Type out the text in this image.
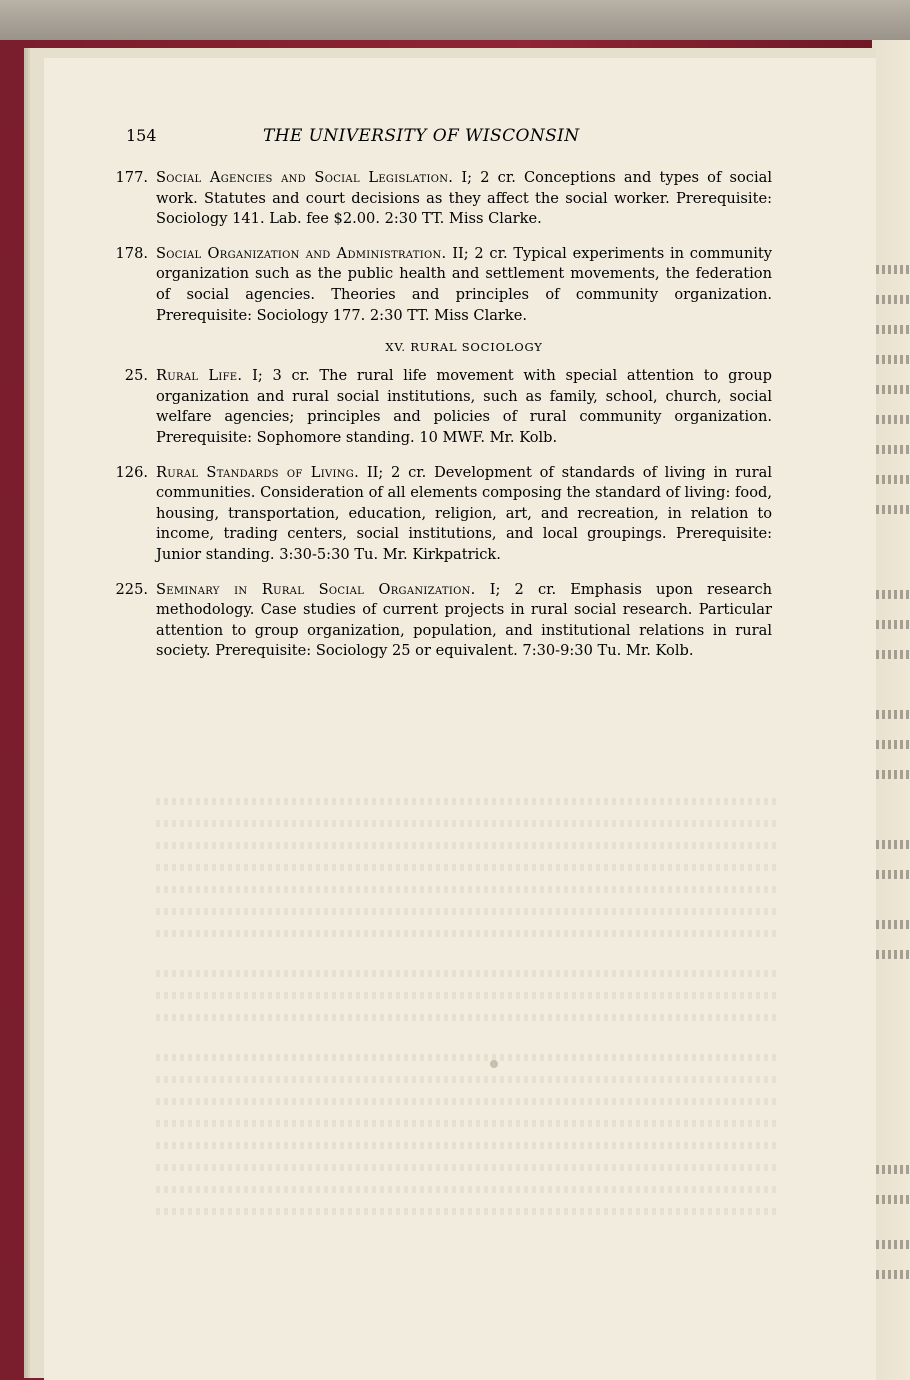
154	THE UNIVERSITY OF WISCONSIN
177. Social Agencies and Social Legislation. I; 2 cr. Conceptions and types of social work. Statutes and court decisions as they affect the social worker. Prerequisite: Sociology 141. Lab. fee $2.00. 2:30 TT. Miss Clarke.
178. Social Organization and Administration. II; 2 cr. Typical experiments in community organization such as the public health and settlement movements, the federation of social agencies. Theories and principles of community organization. Prerequisite: Sociology 177. 2:30 TT. Miss Clarke.
XV. RURAL SOCIOLOGY
25. Rural Life. I; 3 cr. The rural life movement with special attention to group organization and rural social institutions, such as family, school, church, social welfare agencies; principles and policies of rural community organization. Prerequisite: Sophomore standing. 10 MWF. Mr. Kolb.
126. Rural Standards of Living. II; 2 cr. Development of standards of living in rural communities. Consideration of all elements composing the standard of living: food, housing, transportation, education, religion, art, and recreation, in relation to income, trading centers, social institutions, and local groupings. Prerequisite: Junior standing. 3:30-5:30 Tu. Mr. Kirkpatrick.
225. Seminary in Rural Social Organization. I; 2 cr. Emphasis upon research methodology. Case studies of current projects in rural social research. Particular attention to group organization, population, and institutional relations in rural society. Prerequisite: Sociology 25 or equivalent. 7:30-9:30 Tu. Mr. Kolb.
